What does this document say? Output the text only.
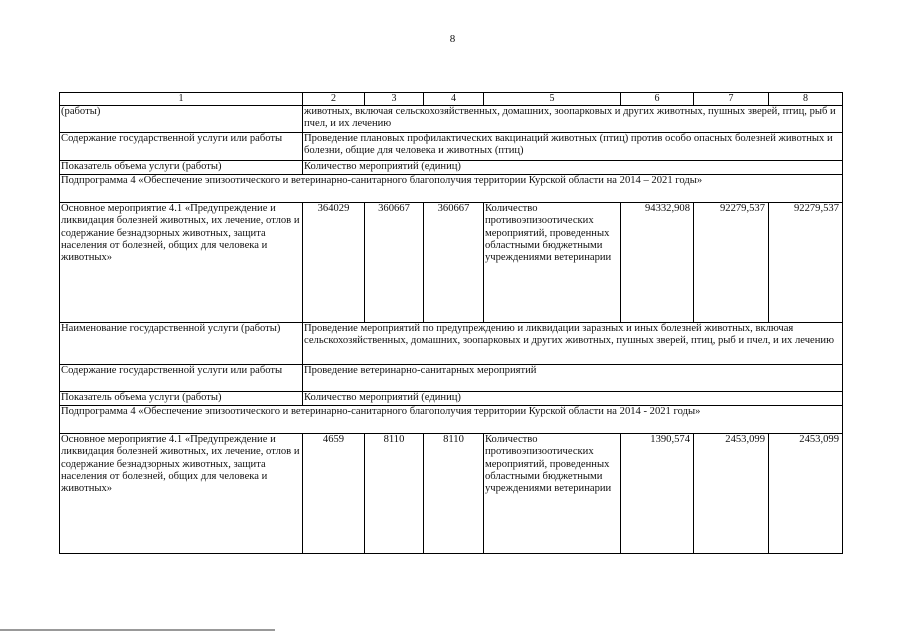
8
1	2	3	4	5	6	7	8
(работы)	животных, включая сельскохозяйственных, домашних, зоопарковых и других животных, пушных зверей, птиц, рыб и пчел, и их лечению						
Содержание государственной услуги или работы	Проведение плановых профилактических вакцинаций животных (птиц) против особо опасных болезней животных и болезни, общие для человека и животных (птиц)						
Показатель объема услуги (работы)	Количество мероприятий (единиц)						
Подпрограмма 4 «Обеспечение эпизоотического и ветеринарно-санитарного благополучия территории Курской области на 2014 – 2021 годы»							
Основное мероприятие 4.1 «Предупреждение и ликвидация болезней животных, их лечение, отлов и содержание безнадзорных животных, защита населения от болезней, общих для человека и животных»	364029	360667	360667	Количество противоэпизоотических мероприятий, проведенных областными бюджетными учреждениями ветеринарии	94332,908	92279,537	92279,537
Наименование государственной услуги (работы)	Проведение мероприятий по предупреждению и ликвидации заразных и иных болезней животных, включая сельскохозяйственных, домашних, зоопарковых и других животных, пушных зверей, птиц, рыб и пчел, и их лечению						
Содержание государственной услуги или работы	Проведение ветеринарно-санитарных мероприятий						
Показатель объема услуги (работы)	Количество мероприятий (единиц)						
Подпрограмма 4 «Обеспечение эпизоотического и ветеринарно-санитарного благополучия территории Курской области на 2014 - 2021 годы»							
Основное мероприятие 4.1 «Предупреждение и ликвидация болезней животных, их лечение, отлов и содержание безнадзорных животных, защита населения от болезней, общих для человека и животных»	4659	8110	8110	Количество противоэпизоотических мероприятий, проведенных областными бюджетными учреждениями ветеринарии	1390,574	2453,099	2453,099
